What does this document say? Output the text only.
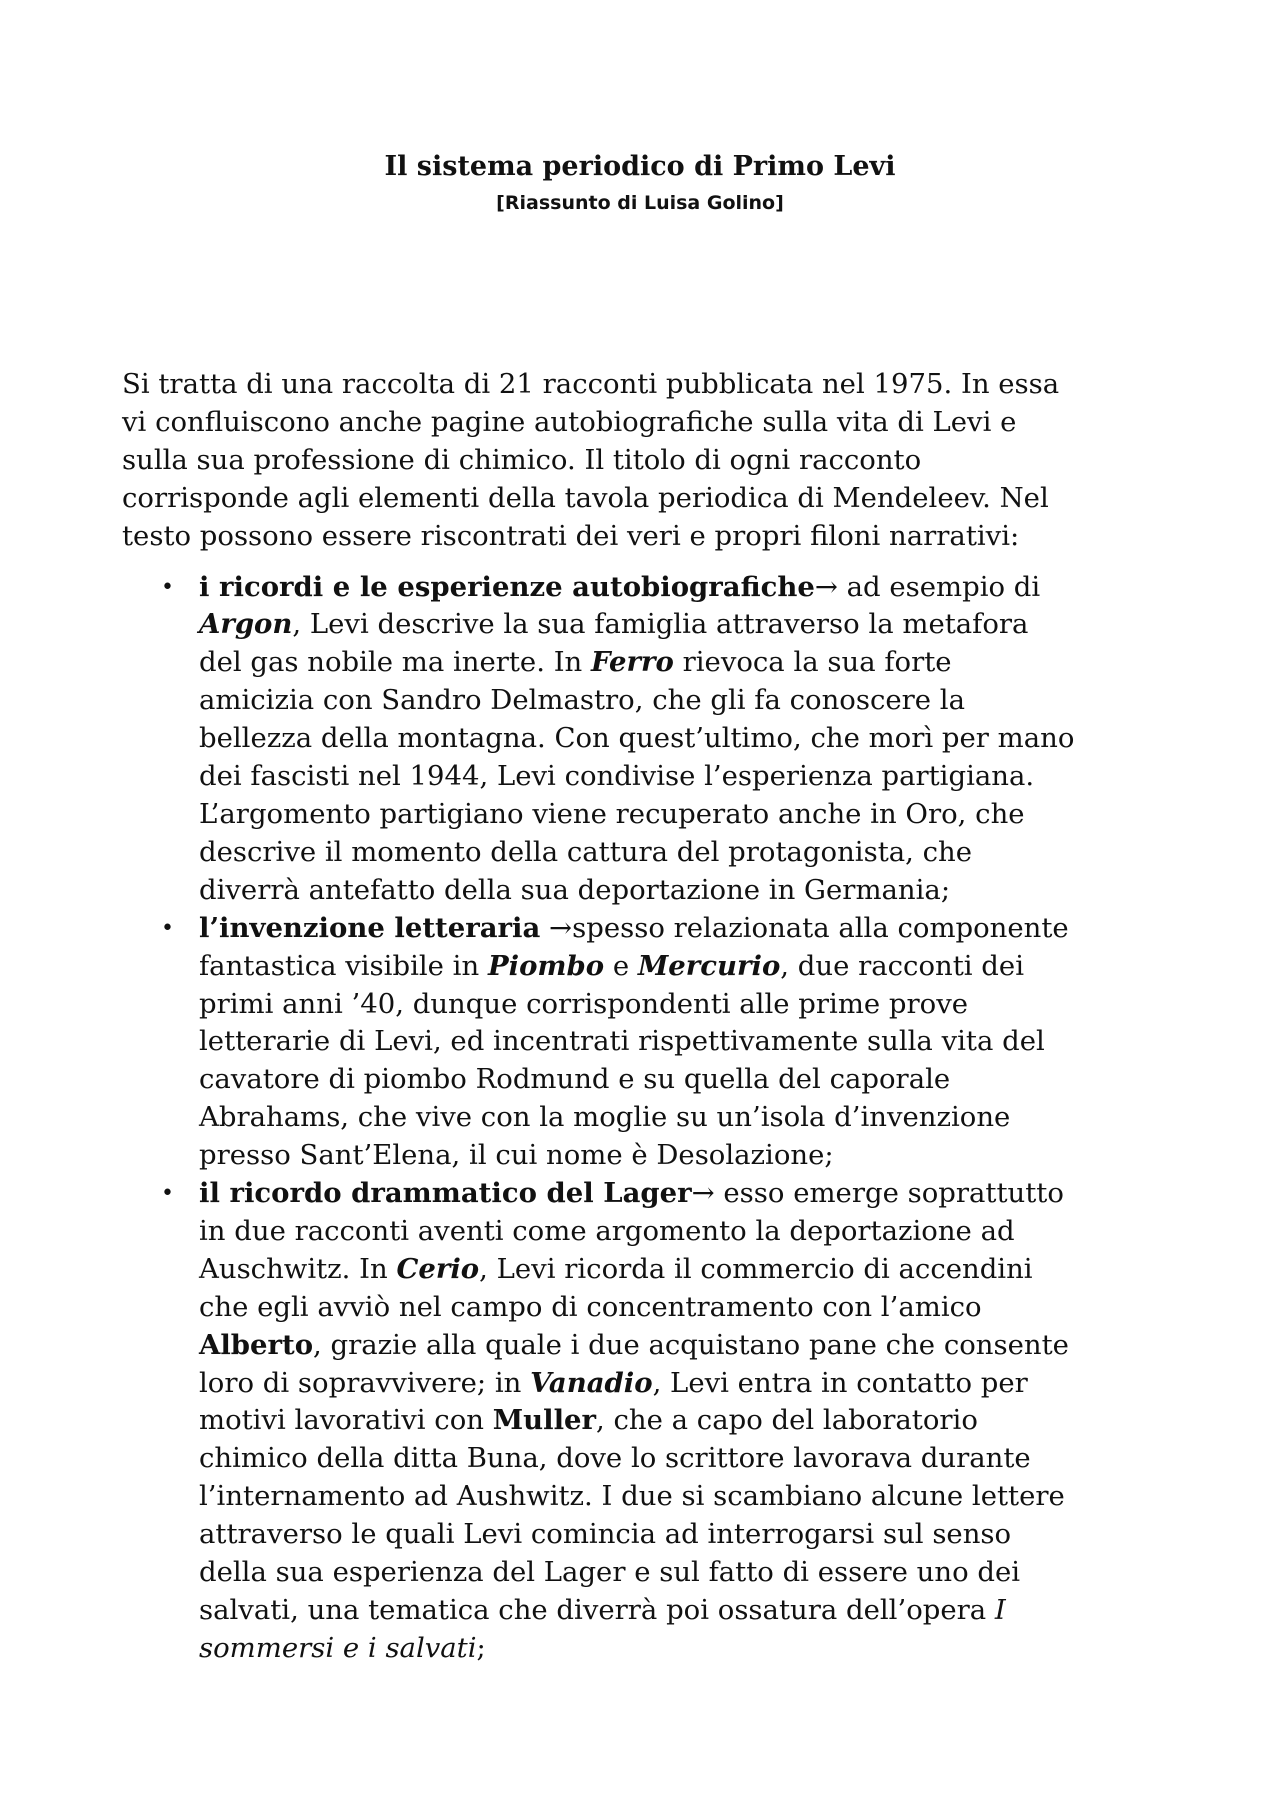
Il sistema periodico di Primo Levi

[Riassunto di Luisa Golino]

Si tratta di una raccolta di 21 racconti pubblicata nel 1975. In essa
vi confluiscono anche pagine autobiografiche sulla vita di Levi e
sulla sua professione di chimico. Il titolo di ogni racconto
corrisponde agli elementi della tavola periodica di Mendeleev. Nel
testo possono essere riscontrati dei veri e propri filoni narrativi:

• i ricordi e le esperienze autobiografiche→ ad esempio di
Argon, Levi descrive la sua famiglia attraverso la metafora
del gas nobile ma inerte. In Ferro rievoca la sua forte
amicizia con Sandro Delmastro, che gli fa conoscere la
bellezza della montagna. Con quest’ultimo, che morì per mano
dei fascisti nel 1944, Levi condivise l’esperienza partigiana.
L’argomento partigiano viene recuperato anche in Oro, che
descrive il momento della cattura del protagonista, che
diverrà antefatto della sua deportazione in Germania;
• l’invenzione letteraria →spesso relazionata alla componente
fantastica visibile in Piombo e Mercurio, due racconti dei
primi anni ’40, dunque corrispondenti alle prime prove
letterarie di Levi, ed incentrati rispettivamente sulla vita del
cavatore di piombo Rodmund e su quella del caporale
Abrahams, che vive con la moglie su un’isola d’invenzione
presso Sant’Elena, il cui nome è Desolazione;
• il ricordo drammatico del Lager→ esso emerge soprattutto
in due racconti aventi come argomento la deportazione ad
Auschwitz. In Cerio, Levi ricorda il commercio di accendini
che egli avviò nel campo di concentramento con l’amico
Alberto, grazie alla quale i due acquistano pane che consente
loro di sopravvivere; in Vanadio, Levi entra in contatto per
motivi lavorativi con Muller, che a capo del laboratorio
chimico della ditta Buna, dove lo scrittore lavorava durante
l’internamento ad Aushwitz. I due si scambiano alcune lettere
attraverso le quali Levi comincia ad interrogarsi sul senso
della sua esperienza del Lager e sul fatto di essere uno dei
salvati, una tematica che diverrà poi ossatura dell’opera I
sommersi e i salvati;
